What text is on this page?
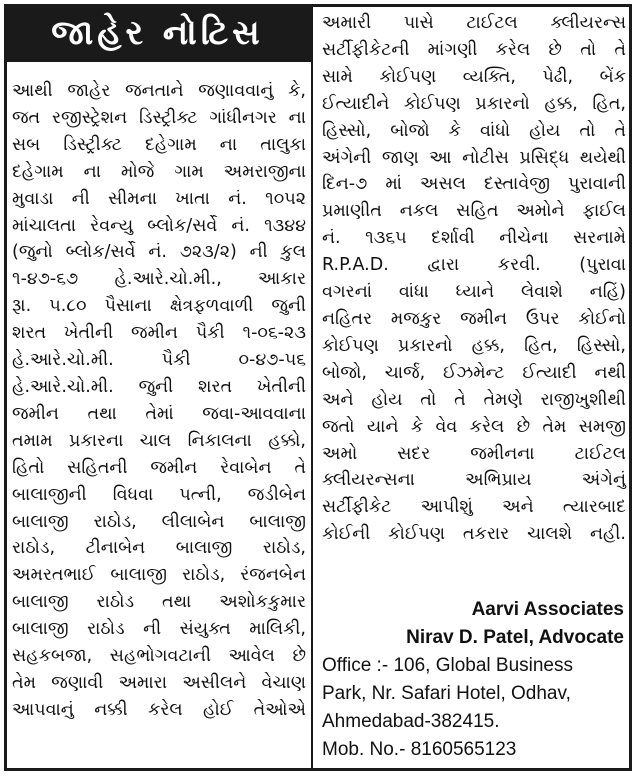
જાહેર નોટિસ
આથી જાહેર જનતાને જણાવવાનું કે,
જત રજીસ્ટ્રેશન ડિસ્ટ્રીક્ટ ગાંધીનગર ના
સબ ડિસ્ટ્રીક્ટ દહેગામ ના તાલુકા
દહેગામ ના મોજે ગામ અમરાજીના
મુવાડા ની સીમના ખાતા નં. ૧૦૫૨
માંચાલતા રેવન્યુ બ્લોક/સર્વે નં. ૧૩૪૪
(જુનો બ્લોક/સર્વે નં. ૭૨૩/૨) ની કુલ
૧-૪૭-૬૭ હે.આરે.ચો.મી., આકાર
રૂા. ૫.૮૦ પૈસાના ક્ષેત્રફળવાળી જુની
શરત ખેતીની જમીન પૈકી ૧-૦૬-૨૩
હે.આરે.ચો.મી. પૈકી ૦-૪૭-૫૬
હે.આરે.ચો.મી. જુની શરત ખેતીની
જમીન તથા તેમાં જવા-આવવાના
તમામ પ્રકારના ચાલ નિકાલના હક્કો,
હિતો સહિતની જમીન રેવાબેન તે
બાલાજીની વિધવા પત્ની, જડીબેન
બાલાજી રાઠોડ, લીલાબેન બાલાજી
રાઠોડ, ટીનાબેન બાલાજી રાઠોડ,
અમરતભાઈ બાલાજી રાઠોડ, રંજનબેન
બાલાજી રાઠોડ તથા અશોકકુમાર
બાલાજી રાઠોડ ની સંયુક્ત માલિકી,
સહકબજા, સહભોગવટાની આવેલ છે
તેમ જણાવી અમારા અસીલને વેચાણ
આપવાનું નક્કી કરેલ હોઈ તેઓએ
અમારી પાસે ટાઈટલ ક્લીયરન્સ
સર્ટીફીકેટની માંગણી કરેલ છે તો તે
સામે કોઈપણ વ્યક્તિ, પેઢી, બેંક
ઈત્યાદીને કોઈપણ પ્રકારનો હક્ક, હિત,
હિસ્સો, બોજો કે વાંધો હોય તો તે
અંગેની જાણ આ નોટીસ પ્રસિદ્ધ થયેથી
દિન-૭ માં અસલ દસ્તાવેજી પુરાવાની
પ્રમાણીત નકલ સહિત અમોને ફાઈલ
નં. ૧૩૬૫ દર્શાવી નીચેના સરનામે
R.P.A.D. દ્વારા કરવી. (પુરાવા
વગરનાં વાંધા ધ્યાને લેવાશે નહિં)
નહિતર મજકુર જમીન ઉપર કોઈનો
કોઈપણ પ્રકારનો હક્ક, હિત, હિસ્સો,
બોજો, ચાર્જ, ઈઝમેન્ટ ઈત્યાદી નથી
અને હોય તો તે તેમણે રાજીખુશીથી
જતો યાને કે વેવ કરેલ છે તેમ સમજી
અમો સદર જમીનના ટાઈટલ
ક્લીયરન્સના અભિપ્રાય અંગેનું
સર્ટીફીકેટ આપીશું અને ત્યારબાદ
કોઈની કોઈપણ તકરાર ચાલશે નહી.
Aarvi Associates
Nirav D. Patel, Advocate
Office :- 106, Global Business
Park, Nr. Safari Hotel, Odhav,
Ahmedabad-382415.
Mob. No.- 8160565123
